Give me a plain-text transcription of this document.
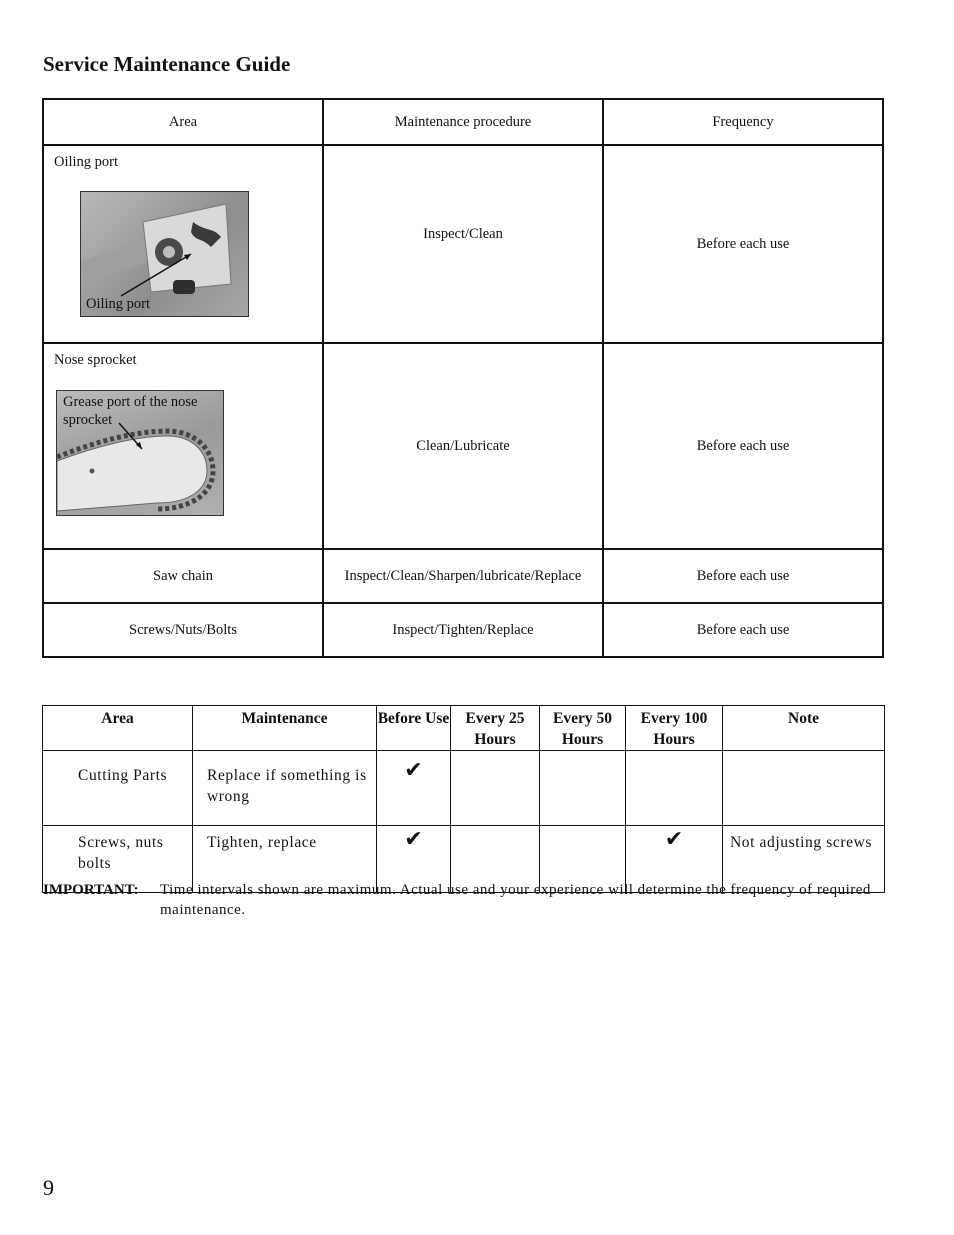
Service Maintenance Guide
Area	Maintenance procedure	Frequency

Oiling port
Oiling port	Inspect/Clean	Before each use

Nose sprocket
Grease port of the nose sprocket	Clean/Lubricate	Before each use
Saw chain	Inspect/Clean/Sharpen/lubricate/Replace	Before each use
Screws/Nuts/Bolts	Inspect/Tighten/Replace	Before each use
Area	Maintenance	Before Use	Every 25 Hours	Every 50 Hours	Every 100 Hours	Note
Cutting Parts	Replace if something is wrong	✔				
Screws, nuts bolts	Tighten, replace	✔			✔	Not adjusting screws
IMPORTANT: Time intervals shown are maximum. Actual use and your experience will determine the frequency of required maintenance.
9
